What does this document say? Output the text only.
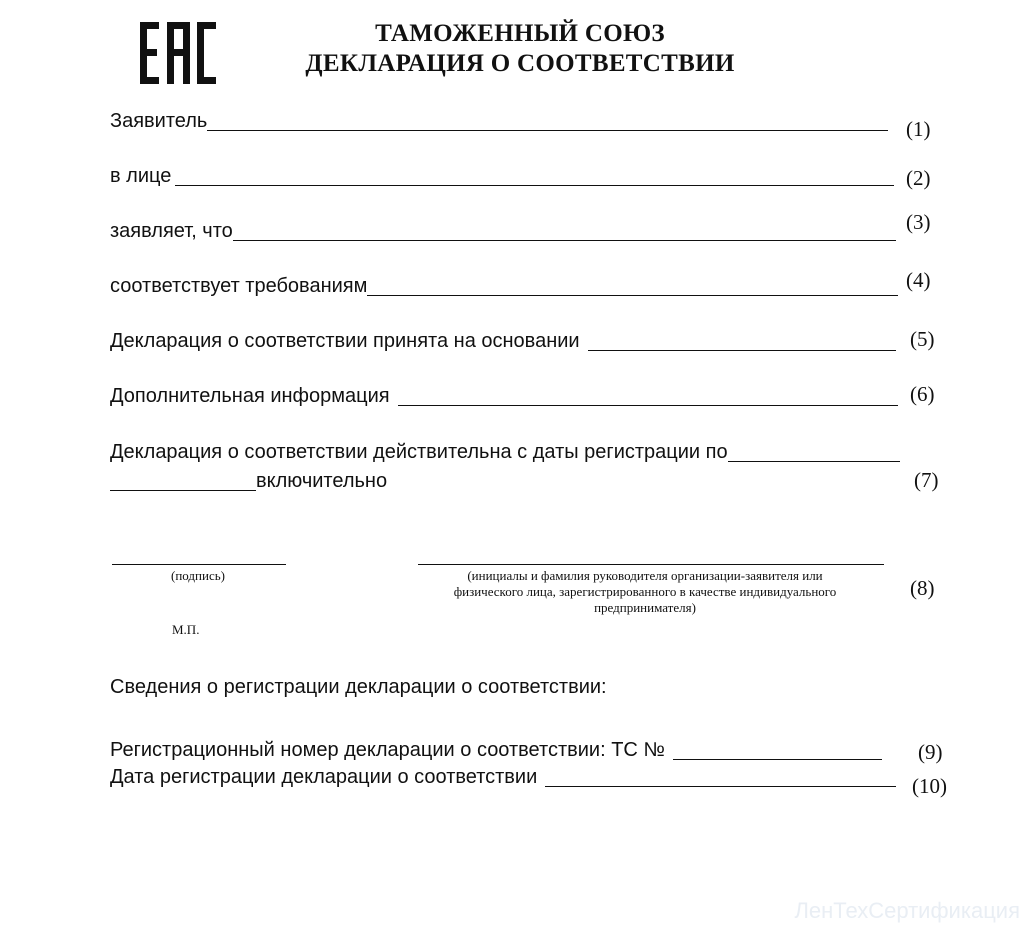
ТАМОЖЕННЫЙ СОЮЗ
ДЕКЛАРАЦИЯ О СООТВЕТСТВИИ
Заявитель	(1)
в лице	(2)
заявляет, что	(3)
соответствует требованиям	(4)
Декларация о соответствии принята на основании	(5)
Дополнительная информация	(6)
Декларация о соответствии действительна с даты регистрации по
включительно	(7)
(подпись)
М.П.
(инициалы и фамилия руководителя организации-заявителя или физического лица, зарегистрированного в качестве индивидуального предпринимателя)
(8)
Сведения о регистрации декларации о соответствии:
Регистрационный номер декларации о соответствии: ТС №	(9)
Дата регистрации декларации о соответствии	(10)
ЛенТехСертификация
